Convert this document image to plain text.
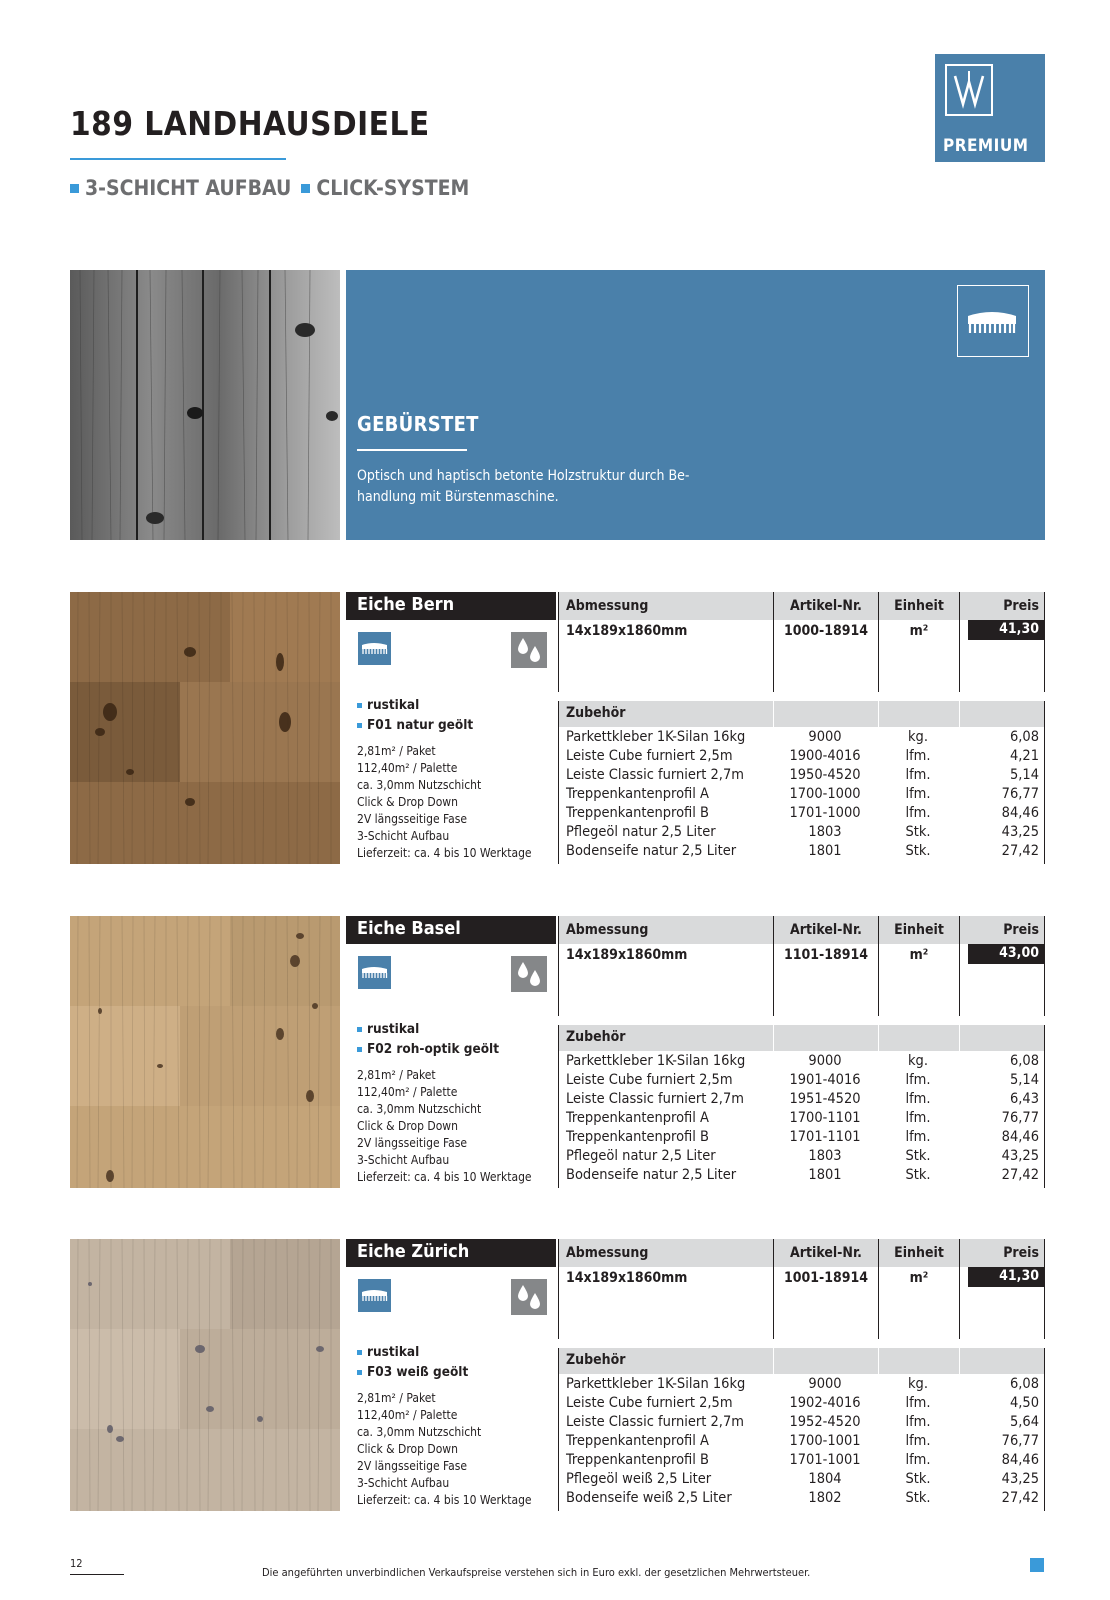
189 LANDHAUSDIELE
3-SCHICHT AUFBAU CLICK-SYSTEM
PREMIUM
GEBÜRSTET
Optisch und haptisch betonte Holzstruktur durch Be-
handlung mit Bürstenmaschine.
Eiche Bern
rustikal
F01 natur geölt
2,81m² / Paket
112,40m² / Palette
ca. 3,0mm Nutzschicht
Click & Drop Down
2V längsseitige Fase
3-Schicht Aufbau
Lieferzeit: ca. 4 bis 10 Werktage
Abmessung	Artikel-Nr.	Einheit	Preis
14x189x1860mm	1000-18914	m²	41,30
Zubehör
Parkettkleber 1K-Silan 16kg	9000	kg.	6,08
Leiste Cube furniert 2,5m	1900-4016	lfm.	4,21
Leiste Classic furniert 2,7m	1950-4520	lfm.	5,14
Treppenkantenprofil A	1700-1000	lfm.	76,77
Treppenkantenprofil B	1701-1000	lfm.	84,46
Pflegeöl natur 2,5 Liter	1803	Stk.	43,25
Bodenseife natur 2,5 Liter	1801	Stk.	27,42
Eiche Basel
rustikal
F02 roh-optik geölt
2,81m² / Paket
112,40m² / Palette
ca. 3,0mm Nutzschicht
Click & Drop Down
2V längsseitige Fase
3-Schicht Aufbau
Lieferzeit: ca. 4 bis 10 Werktage
Abmessung	Artikel-Nr.	Einheit	Preis
14x189x1860mm	1101-18914	m²	43,00
Zubehör
Parkettkleber 1K-Silan 16kg	9000	kg.	6,08
Leiste Cube furniert 2,5m	1901-4016	lfm.	5,14
Leiste Classic furniert 2,7m	1951-4520	lfm.	6,43
Treppenkantenprofil A	1700-1101	lfm.	76,77
Treppenkantenprofil B	1701-1101	lfm.	84,46
Pflegeöl natur 2,5 Liter	1803	Stk.	43,25
Bodenseife natur 2,5 Liter	1801	Stk.	27,42
Eiche Zürich
rustikal
F03 weiß geölt
2,81m² / Paket
112,40m² / Palette
ca. 3,0mm Nutzschicht
Click & Drop Down
2V längsseitige Fase
3-Schicht Aufbau
Lieferzeit: ca. 4 bis 10 Werktage
Abmessung	Artikel-Nr.	Einheit	Preis
14x189x1860mm	1001-18914	m²	41,30
Zubehör
Parkettkleber 1K-Silan 16kg	9000	kg.	6,08
Leiste Cube furniert 2,5m	1902-4016	lfm.	4,50
Leiste Classic furniert 2,7m	1952-4520	lfm.	5,64
Treppenkantenprofil A	1700-1001	lfm.	76,77
Treppenkantenprofil B	1701-1001	lfm.	84,46
Pflegeöl weiß 2,5 Liter	1804	Stk.	43,25
Bodenseife weiß 2,5 Liter	1802	Stk.	27,42
12
Die angeführten unverbindlichen Verkaufspreise verstehen sich in Euro exkl. der gesetzlichen Mehrwertsteuer.
